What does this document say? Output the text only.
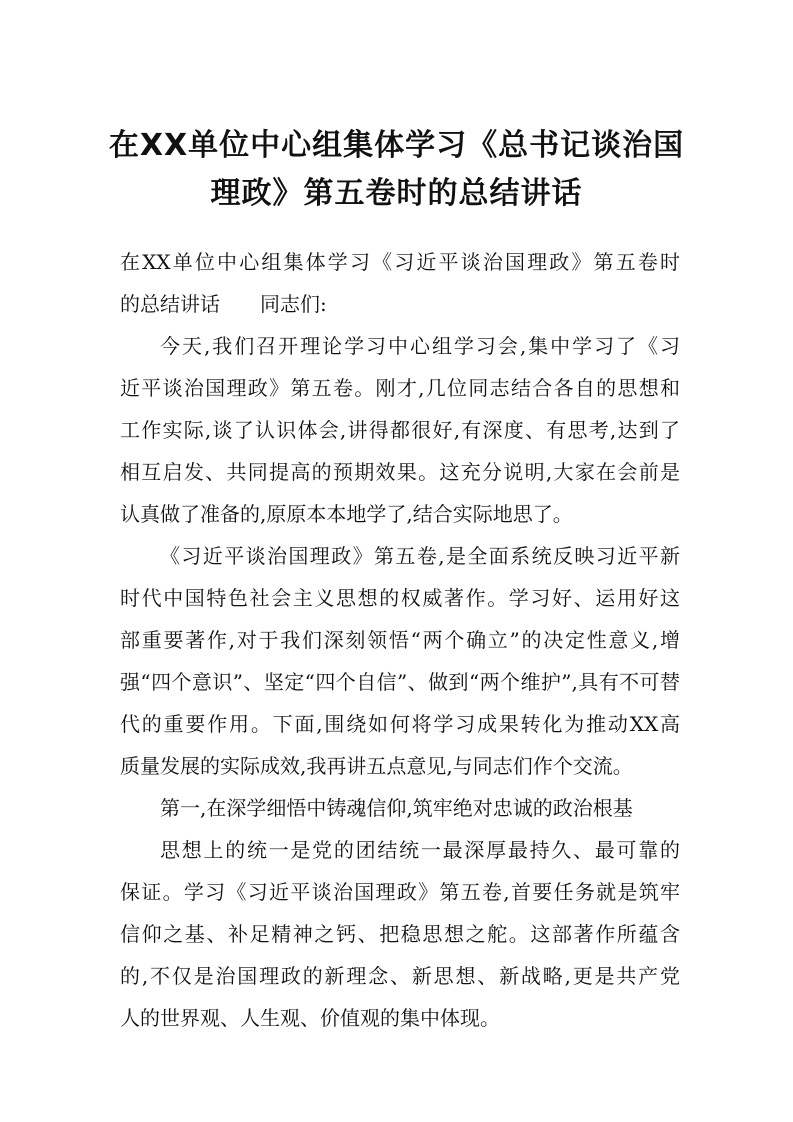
在XX单位中心组集体学习《总书记谈治国
理政》第五卷时的总结讲话
在XX单位中心组集体学习《习近平谈治国理政》第五卷时
的总结讲话　　同志们:
今天,我们召开理论学习中心组学习会,集中学习了《习
近平谈治国理政》第五卷。刚才,几位同志结合各自的思想和
工作实际,谈了认识体会,讲得都很好,有深度、有思考,达到了
相互启发、共同提高的预期效果。这充分说明,大家在会前是
认真做了准备的,原原本本地学了,结合实际地思了。
《习近平谈治国理政》第五卷,是全面系统反映习近平新
时代中国特色社会主义思想的权威著作。学习好、运用好这
部重要著作,对于我们深刻领悟“两个确立”的决定性意义,增
强“四个意识”、坚定“四个自信”、做到“两个维护”,具有不可替
代的重要作用。下面,围绕如何将学习成果转化为推动XX高
质量发展的实际成效,我再讲五点意见,与同志们作个交流。
第一,在深学细悟中铸魂信仰,筑牢绝对忠诚的政治根基
思想上的统一是党的团结统一最深厚最持久、最可靠的
保证。学习《习近平谈治国理政》第五卷,首要任务就是筑牢
信仰之基、补足精神之钙、把稳思想之舵。这部著作所蕴含
的,不仅是治国理政的新理念、新思想、新战略,更是共产党
人的世界观、人生观、价值观的集中体现。
